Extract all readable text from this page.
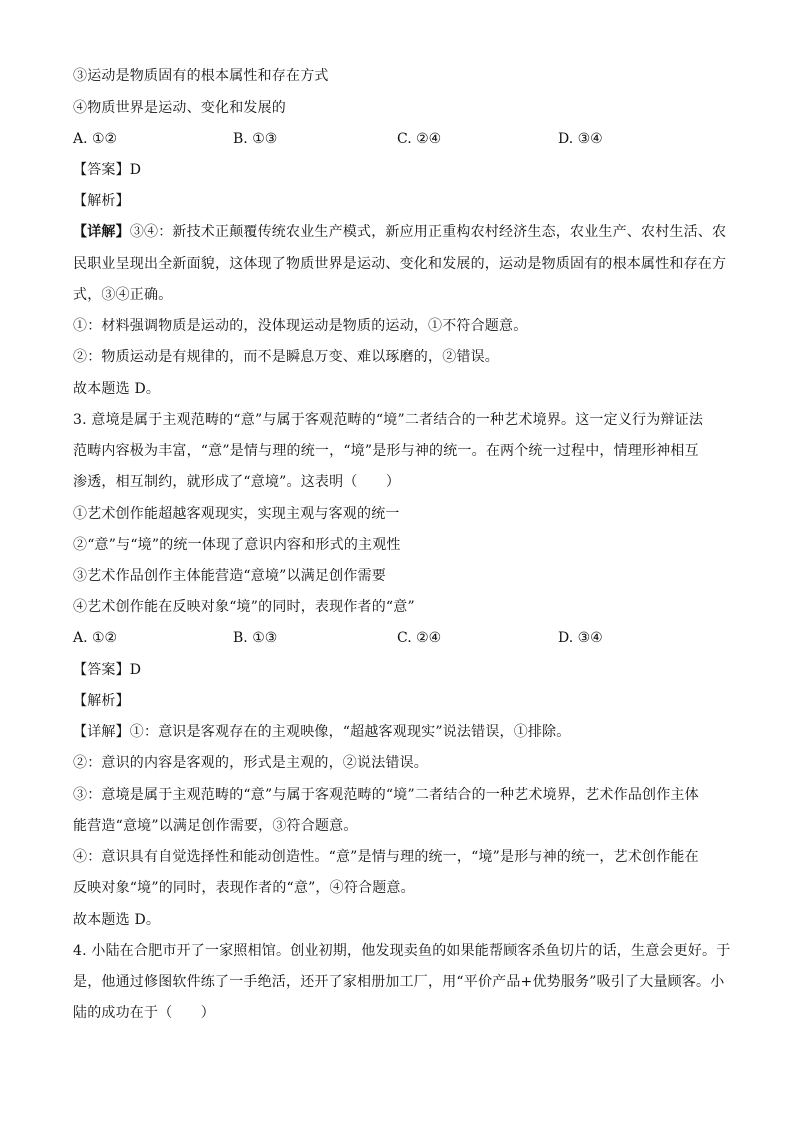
③运动是物质固有的根本属性和存在方式
④物质世界是运动、变化和发展的
A. ①②	B. ①③	C. ②④	D. ③④
【答案】D
【解析】
【详解】③④：新技术正颠覆传统农业生产模式，新应用正重构农村经济生态，农业生产、农村生活、农
民职业呈现出全新面貌，这体现了物质世界是运动、变化和发展的，运动是物质固有的根本属性和存在方
式，③④正确。
①：材料强调物质是运动的，没体现运动是物质的运动，①不符合题意。
②：物质运动是有规律的，而不是瞬息万变、难以琢磨的，②错误。
故本题选 D。
3. 意境是属于主观范畴的“意”与属于客观范畴的“境”二者结合的一种艺术境界。这一定义行为辩证法
范畴内容极为丰富，“意”是情与理的统一，“境”是形与神的统一。在两个统一过程中，情理形神相互
渗透，相互制约，就形成了“意境”。这表明（　　）
①艺术创作能超越客观现实，实现主观与客观的统一
②“意”与“境”的统一体现了意识内容和形式的主观性
③艺术作品创作主体能营造“意境”以满足创作需要
④艺术创作能在反映对象“境”的同时，表现作者的“意”
A. ①②	B. ①③	C. ②④	D. ③④
【答案】D
【解析】
【详解】①：意识是客观存在的主观映像，“超越客观现实”说法错误，①排除。
②：意识的内容是客观的，形式是主观的，②说法错误。
③：意境是属于主观范畴的“意”与属于客观范畴的“境”二者结合的一种艺术境界，艺术作品创作主体
能营造“意境”以满足创作需要，③符合题意。
④：意识具有自觉选择性和能动创造性。“意”是情与理的统一，“境”是形与神的统一，艺术创作能在
反映对象“境”的同时，表现作者的“意”，④符合题意。
故本题选 D。
4. 小陆在合肥市开了一家照相馆。创业初期，他发现卖鱼的如果能帮顾客杀鱼切片的话，生意会更好。于
是，他通过修图软件练了一手绝活，还开了家相册加工厂，用“平价产品+优势服务”吸引了大量顾客。小
陆的成功在于（　　）
